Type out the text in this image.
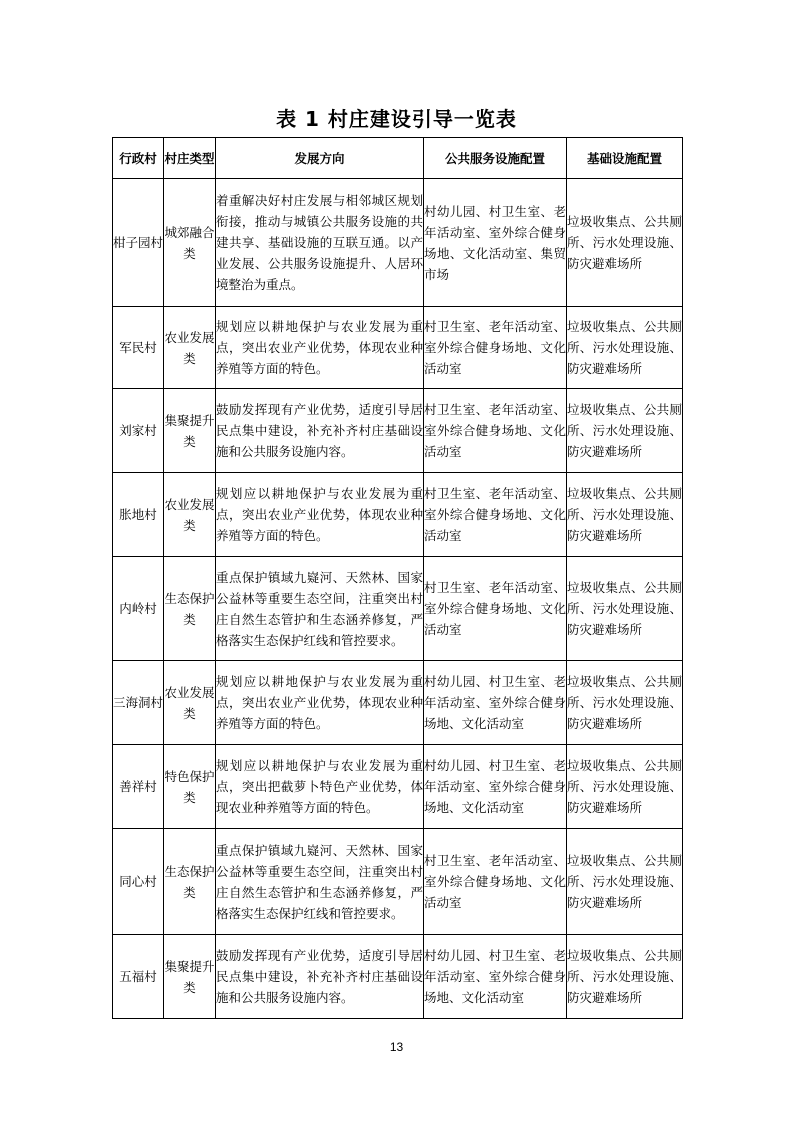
表 1 村庄建设引导一览表
行政村	村庄类型	发展方向	公共服务设施配置	基础设施配置
柑子园村	城郊融合类	着重解决好村庄发展与相邻城区规划衔接，推动与城镇公共服务设施的共建共享、基础设施的互联互通。以产业发展、公共服务设施提升、人居环境整治为重点。	村幼儿园、村卫生室、老年活动室、室外综合健身场地、文化活动室、集贸市场	垃圾收集点、公共厕所、污水处理设施、防灾避难场所
军民村	农业发展类	规划应以耕地保护与农业发展为重点，突出农业产业优势，体现农业种养殖等方面的特色。	村卫生室、老年活动室、室外综合健身场地、文化活动室	垃圾收集点、公共厕所、污水处理设施、防灾避难场所
刘家村	集聚提升类	鼓励发挥现有产业优势，适度引导居民点集中建设，补充补齐村庄基础设施和公共服务设施内容。	村卫生室、老年活动室、室外综合健身场地、文化活动室	垃圾收集点、公共厕所、污水处理设施、防灾避难场所
胀地村	农业发展类	规划应以耕地保护与农业发展为重点，突出农业产业优势，体现农业种养殖等方面的特色。	村卫生室、老年活动室、室外综合健身场地、文化活动室	垃圾收集点、公共厕所、污水处理设施、防灾避难场所
内岭村	生态保护类	重点保护镇域九嶷河、天然林、国家公益林等重要生态空间，注重突出村庄自然生态管护和生态涵养修复，严格落实生态保护红线和管控要求。	村卫生室、老年活动室、室外综合健身场地、文化活动室	垃圾收集点、公共厕所、污水处理设施、防灾避难场所
三海洞村	农业发展类	规划应以耕地保护与农业发展为重点，突出农业产业优势，体现农业种养殖等方面的特色。	村幼儿园、村卫生室、老年活动室、室外综合健身场地、文化活动室	垃圾收集点、公共厕所、污水处理设施、防灾避难场所
善祥村	特色保护类	规划应以耕地保护与农业发展为重点，突出把截萝卜特色产业优势，体现农业种养殖等方面的特色。	村幼儿园、村卫生室、老年活动室、室外综合健身场地、文化活动室	垃圾收集点、公共厕所、污水处理设施、防灾避难场所
同心村	生态保护类	重点保护镇域九嶷河、天然林、国家公益林等重要生态空间，注重突出村庄自然生态管护和生态涵养修复，严格落实生态保护红线和管控要求。	村卫生室、老年活动室、室外综合健身场地、文化活动室	垃圾收集点、公共厕所、污水处理设施、防灾避难场所
五福村	集聚提升类	鼓励发挥现有产业优势，适度引导居民点集中建设，补充补齐村庄基础设施和公共服务设施内容。	村幼儿园、村卫生室、老年活动室、室外综合健身场地、文化活动室	垃圾收集点、公共厕所、污水处理设施、防灾避难场所
13
